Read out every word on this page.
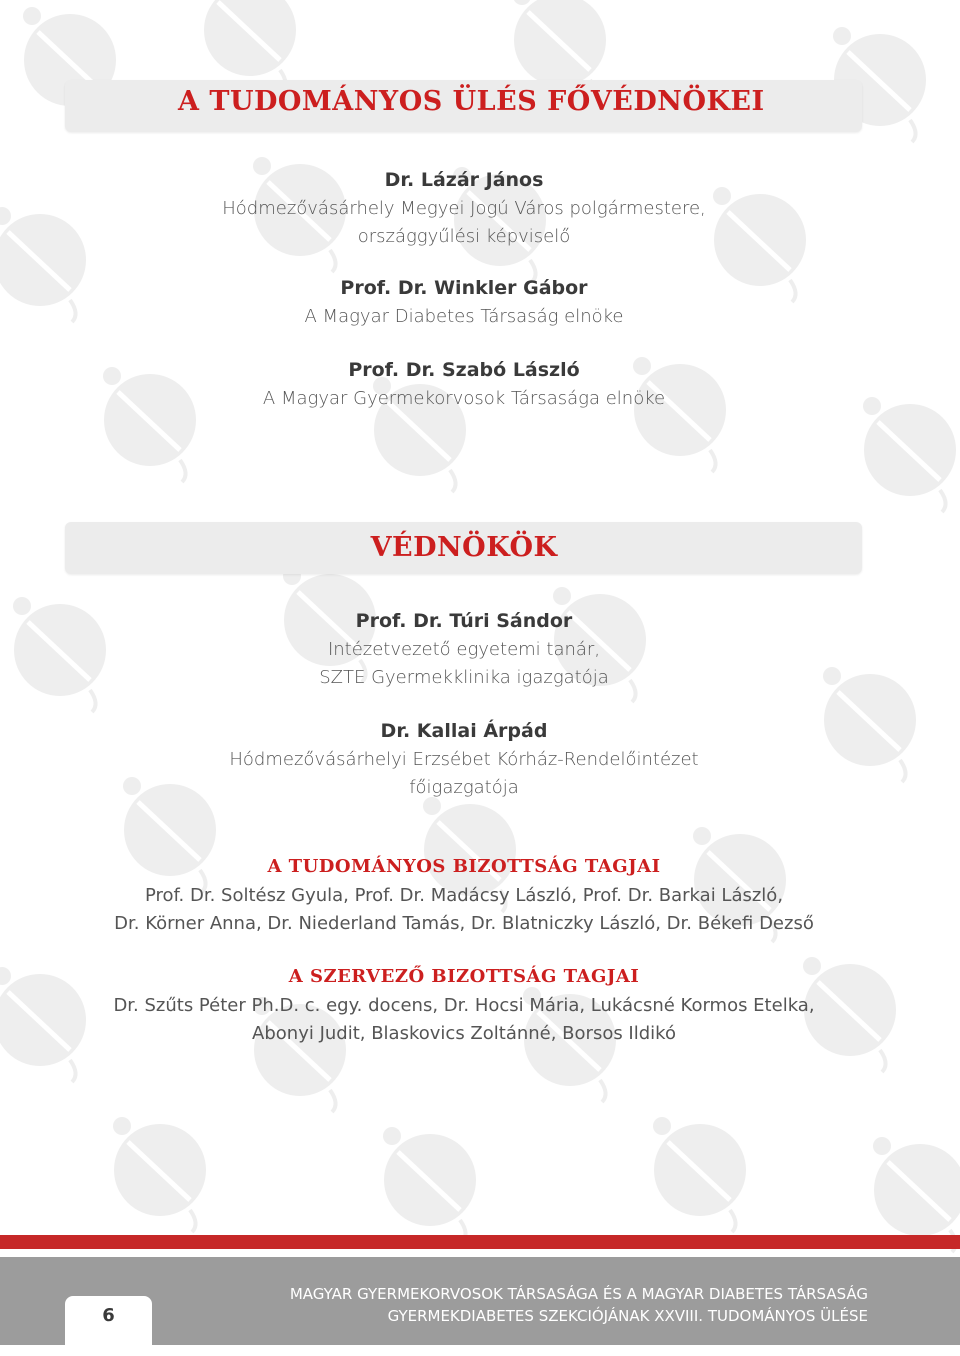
A TUDOMÁNYOS ÜLÉS FŐVÉDNÖKEI
Dr. Lázár János
Hódmezővásárhely Megyei Jogú Város polgármestere,
országgyűlési képviselő
Prof. Dr. Winkler Gábor
A Magyar Diabetes Társaság elnöke
Prof. Dr. Szabó László
A Magyar Gyermekorvosok Társasága elnöke
VÉDNÖKÖK
Prof. Dr. Túri Sándor
Intézetvezető egyetemi tanár,
SZTE Gyermekklinika igazgatója
Dr. Kallai Árpád
Hódmezővásárhelyi Erzsébet Kórház-Rendelőintézet
főigazgatója
A TUDOMÁNYOS BIZOTTSÁG TAGJAI
Prof. Dr. Soltész Gyula, Prof. Dr. Madácsy László, Prof. Dr. Barkai László,
Dr. Körner Anna, Dr. Niederland Tamás, Dr. Blatniczky László, Dr. Békefi Dezső
A SZERVEZŐ BIZOTTSÁG TAGJAI
Dr. Szűts Péter Ph.D. c. egy. docens, Dr. Hocsi Mária, Lukácsné Kormos Etelka,
Abonyi Judit, Blaskovics Zoltánné, Borsos Ildikó
6
MAGYAR GYERMEKORVOSOK TÁRSASÁGA ÉS A MAGYAR DIABETES TÁRSASÁG
GYERMEKDIABETES SZEKCIÓJÁNAK XXVIII. TUDOMÁNYOS ÜLÉSE
